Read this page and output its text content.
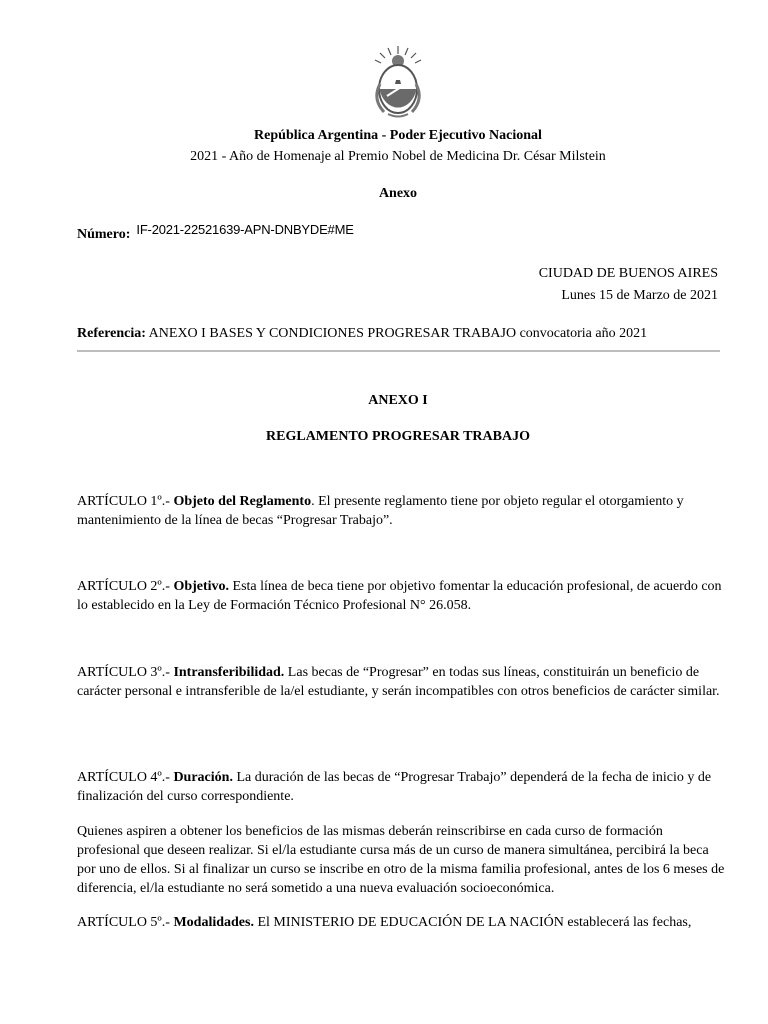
República Argentina - Poder Ejecutivo Nacional
2021 - Año de Homenaje al Premio Nobel de Medicina Dr. César Milstein
Anexo
Número: IF-2021-22521639-APN-DNBYDE#ME
CIUDAD DE BUENOS AIRES
Lunes 15 de Marzo de 2021
Referencia: ANEXO I BASES Y CONDICIONES PROGRESAR TRABAJO convocatoria año 2021
ANEXO I
REGLAMENTO PROGRESAR TRABAJO

ARTÍCULO 1º.- Objeto del Reglamento. El presente reglamento tiene por objeto regular el otorgamiento y mantenimiento de la línea de becas “Progresar Trabajo”.

ARTÍCULO 2º.- Objetivo. Esta línea de beca tiene por objetivo fomentar la educación profesional, de acuerdo con lo establecido en la Ley de Formación Técnico Profesional N° 26.058.

ARTÍCULO 3º.- Intransferibilidad. Las becas de “Progresar” en todas sus líneas, constituirán un beneficio de carácter personal e intransferible de la/el estudiante, y serán incompatibles con otros beneficios de carácter similar.

ARTÍCULO 4º.- Duración. La duración de las becas de “Progresar Trabajo” dependerá de la fecha de inicio y de finalización del curso correspondiente.

Quienes aspiren a obtener los beneficios de las mismas deberán reinscribirse en cada curso de formación profesional que deseen realizar. Si el/la estudiante cursa más de un curso de manera simultánea, percibirá la beca por uno de ellos. Si al finalizar un curso se inscribe en otro de la misma familia profesional, antes de los 6 meses de diferencia, el/la estudiante no será sometido a una nueva evaluación socioeconómica.

ARTÍCULO 5º.- Modalidades. El MINISTERIO DE EDUCACIÓN DE LA NACIÓN establecerá las fechas,
